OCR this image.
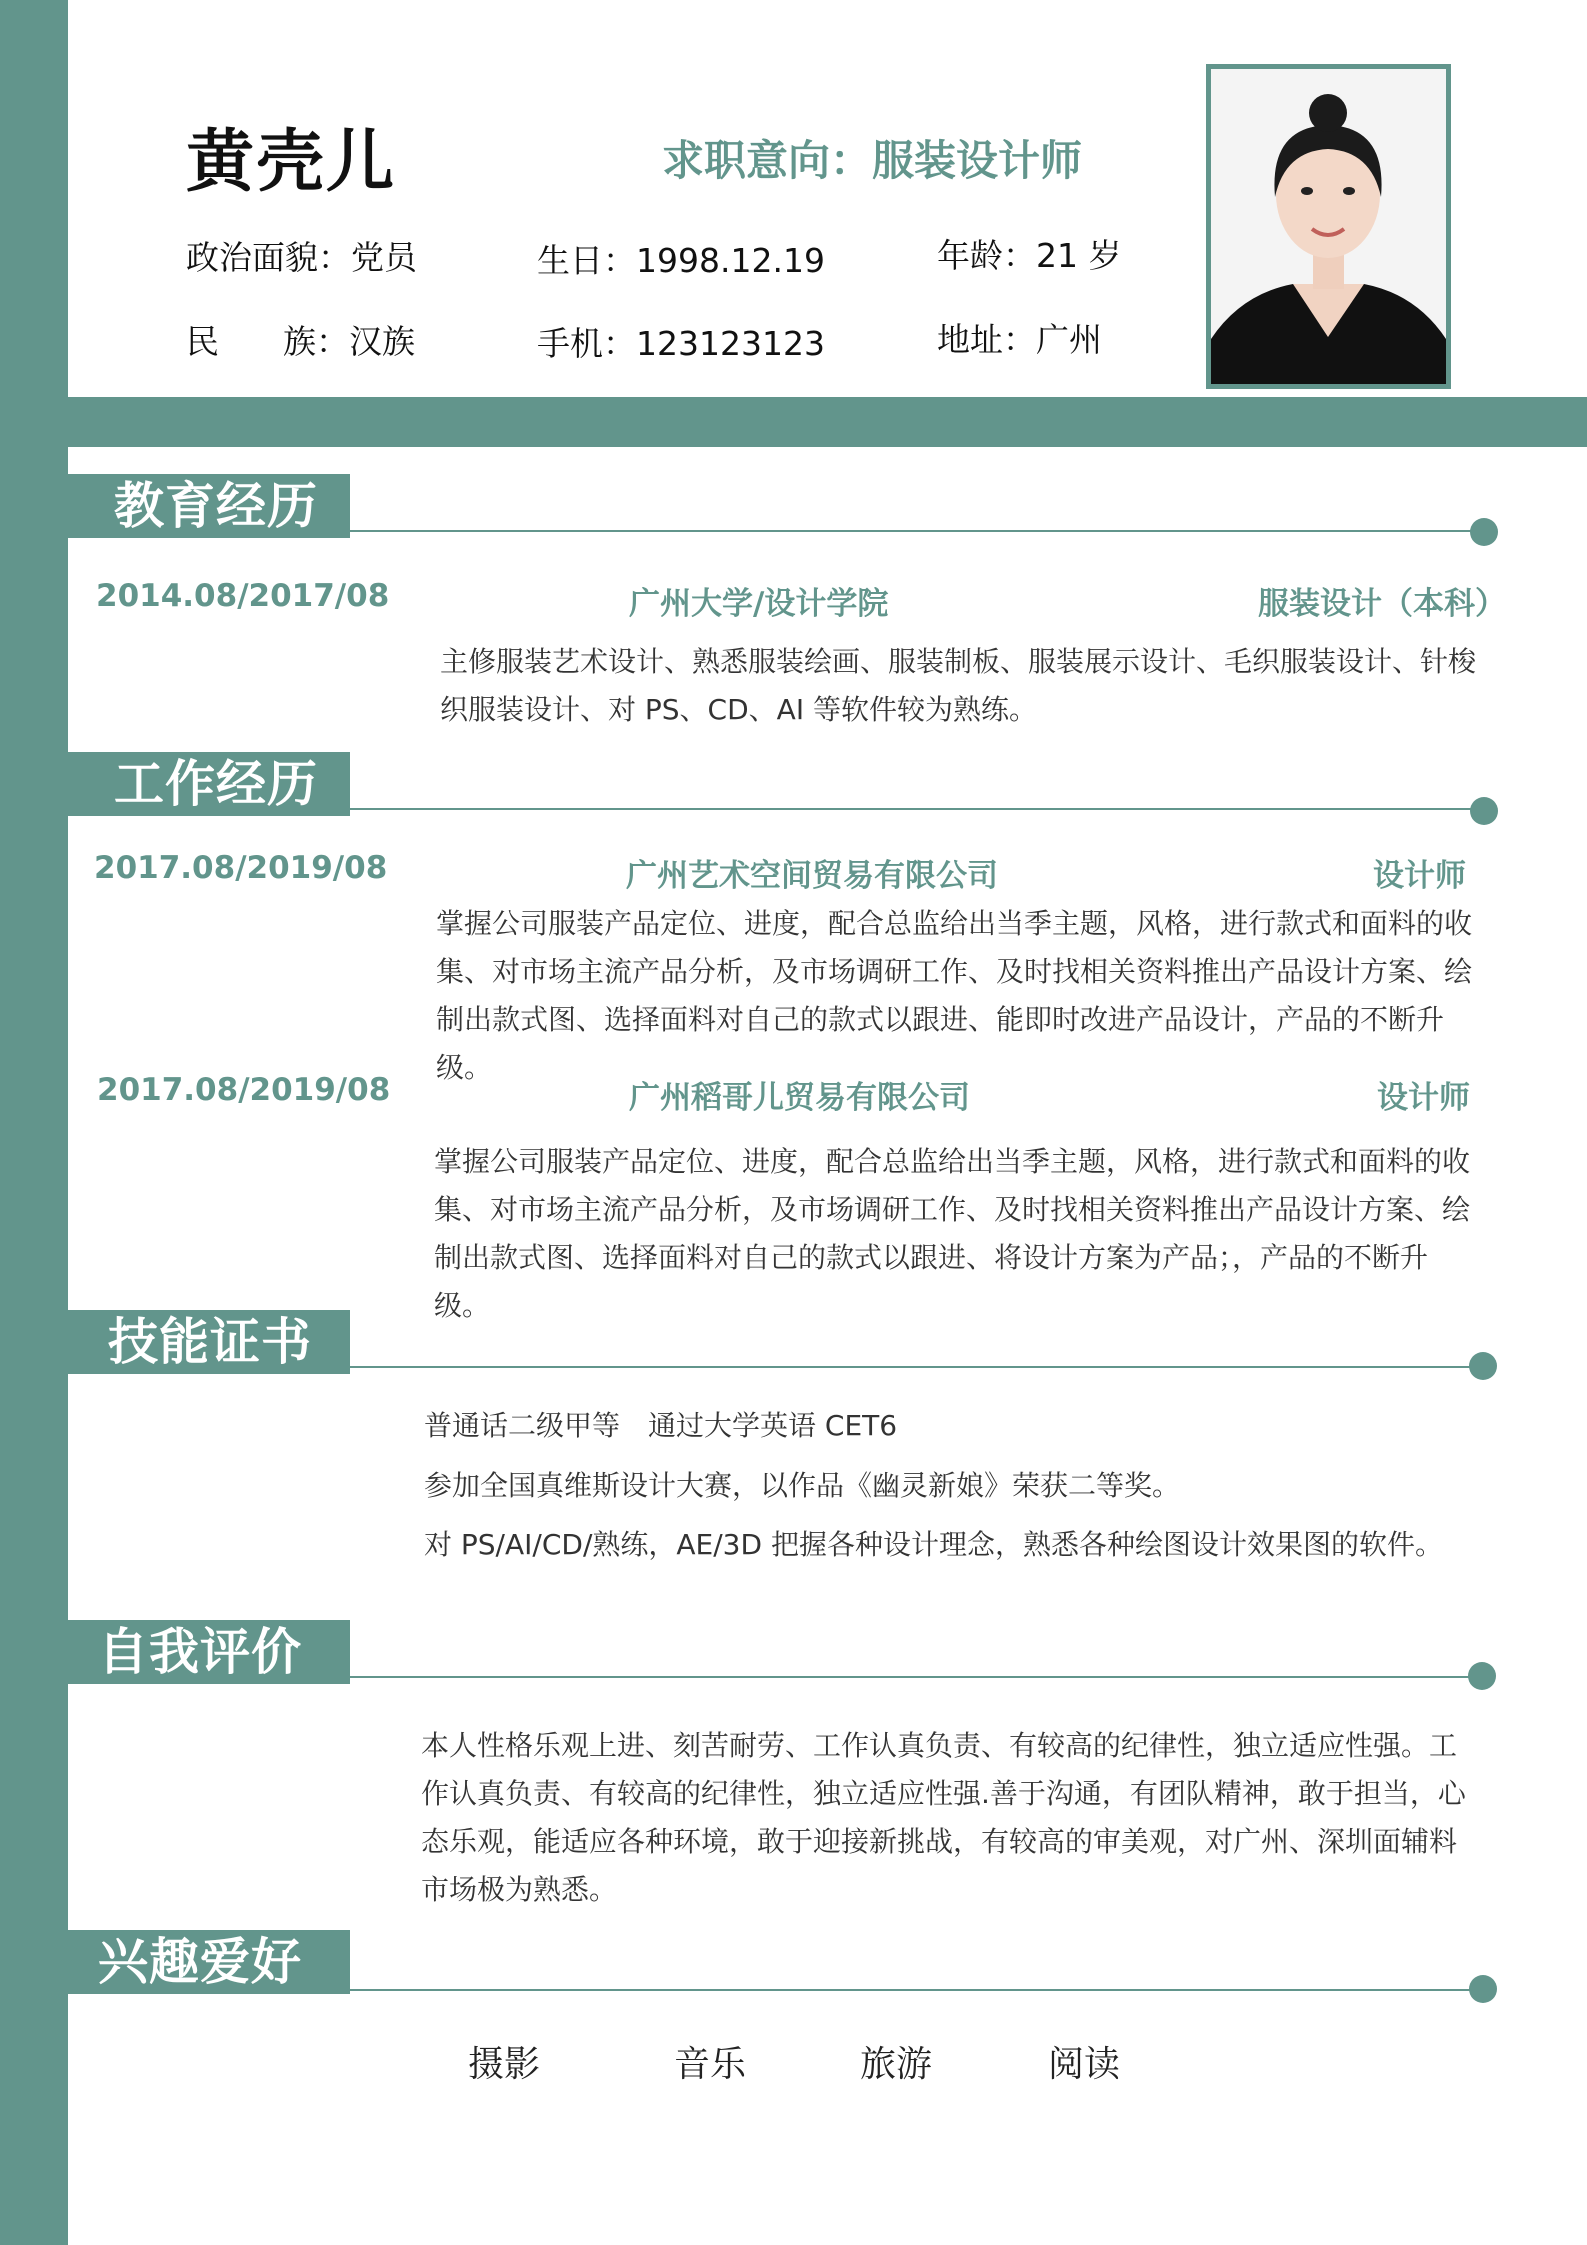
黄壳儿	求职意向：服装设计师
政治面貌：党员	生日：1998.12.19	年龄：21 岁
民 族：汉族	手机：123123123	地址：广州
教育经历
2014.08/2017/08	广州大学/设计学院	服装设计（本科）
主修服装艺术设计、熟悉服装绘画、服装制板、服装展示设计、毛织服装设计、针梭织服装设计、对 PS、CD、AI 等软件较为熟练。
工作经历
2017.08/2019/08	广州艺术空间贸易有限公司	设计师
掌握公司服装产品定位、进度，配合总监给出当季主题，风格，进行款式和面料的收集、对市场主流产品分析，及市场调研工作、及时找相关资料推出产品设计方案、绘制出款式图、选择面料对自己的款式以跟进、能即时改进产品设计，产品的不断升级。
2017.08/2019/08	广州稻哥儿贸易有限公司	设计师
掌握公司服装产品定位、进度，配合总监给出当季主题，风格，进行款式和面料的收集、对市场主流产品分析，及市场调研工作、及时找相关资料推出产品设计方案、绘制出款式图、选择面料对自己的款式以跟进、将设计方案为产品；，产品的不断升级。
技能证书
普通话二级甲等　通过大学英语 CET6
参加全国真维斯设计大赛，以作品《幽灵新娘》荣获二等奖。
对 PS/AI/CD/熟练，AE/3D 把握各种设计理念，熟悉各种绘图设计效果图的软件。
自我评价
本人性格乐观上进、刻苦耐劳、工作认真负责、有较高的纪律性，独立适应性强。工作认真负责、有较高的纪律性，独立适应性强.善于沟通，有团队精神，敢于担当，心态乐观，能适应各种环境，敢于迎接新挑战，有较高的审美观，对广州、深圳面辅料市场极为熟悉。
兴趣爱好
摄影	音乐	旅游	阅读
